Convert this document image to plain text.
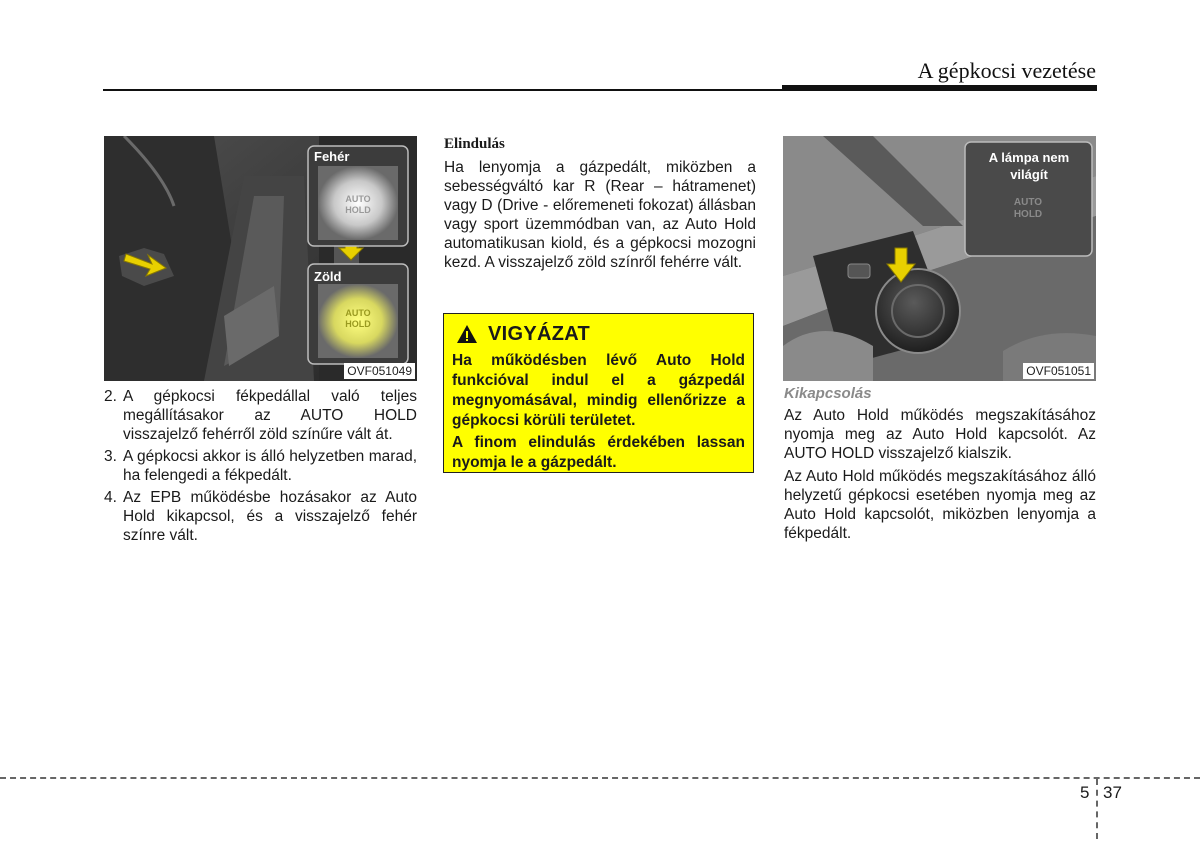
A gépkocsi vezetése
AUTO
HOLD
AUTO
HOLD
Fehér
Zöld
OVF051049
2. A gépkocsi fékpedállal való teljes megállításakor az AUTO HOLD visszajelző fehérről zöld színűre vált át.
3. A gépkocsi akkor is álló helyzetben marad, ha felengedi a fékpedált.
4. Az EPB működésbe hozásakor az Auto Hold kikapcsol, és a visszajelző fehér színre vált.
Elindulás
Ha lenyomja a gázpedált, miközben a sebességváltó kar R (Rear – hátramenet) vagy D (Drive - előremeneti fokozat) állásban vagy sport üzemmódban van, az Auto Hold automatikusan kiold, és a gépkocsi mozogni kezd. A visszajelző zöld színről fehérre vált.
VIGYÁZAT
Ha működésben lévő Auto Hold funkcióval indul el a gázpedál megnyomásával, mindig ellenőrizze a gépkocsi körüli területet.
A finom elindulás érdekében lassan nyomja le a gázpedált.
AUTO
HOLD
A lámpa nem világít
OVF051051
Kikapcsolás
Az Auto Hold működés megszakításához nyomja meg az Auto Hold kapcsolót. Az AUTO HOLD visszajelző kialszik.
Az Auto Hold működés megszakításához álló helyzetű gépkocsi esetében nyomja meg az Auto Hold kapcsolót, miközben lenyomja a fékpedált.
5 37
